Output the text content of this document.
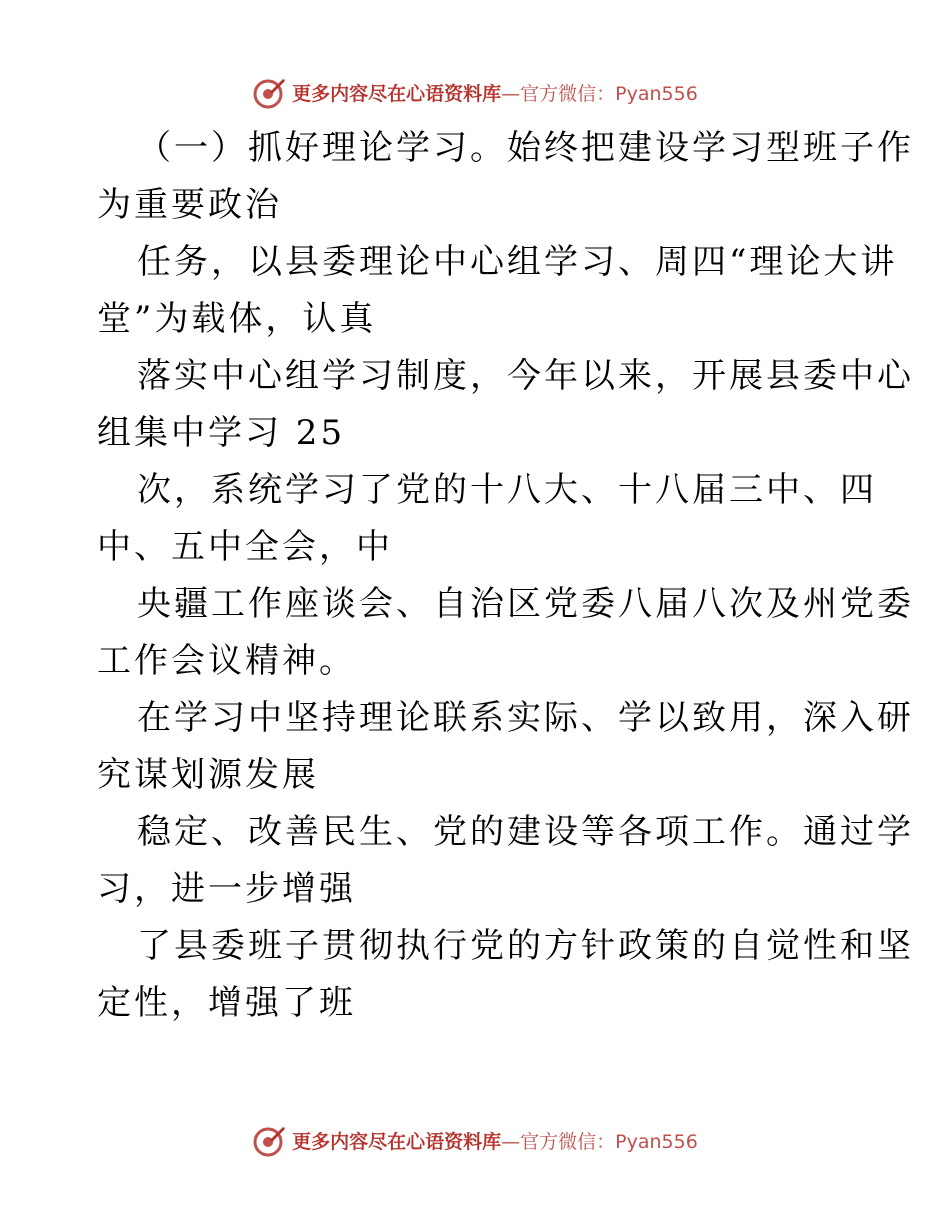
更多内容尽在心语资料库—官方微信：Pyan556

（一）抓好理论学习。始终把建设学习型班子作
为重要政治

任务，以县委理论中心组学习、周四“理论大讲
堂”为载体，认真

落实中心组学习制度，今年以来，开展县委中心
组集中学习 25

次，系统学习了党的十八大、十八届三中、四
中、五中全会，中

央疆工作座谈会、自治区党委八届八次及州党委
工作会议精神。

在学习中坚持理论联系实际、学以致用，深入研
究谋划源发展

稳定、改善民生、党的建设等各项工作。通过学
习，进一步增强

了县委班子贯彻执行党的方针政策的自觉性和坚
定性，增强了班

更多内容尽在心语资料库—官方微信：Pyan556
